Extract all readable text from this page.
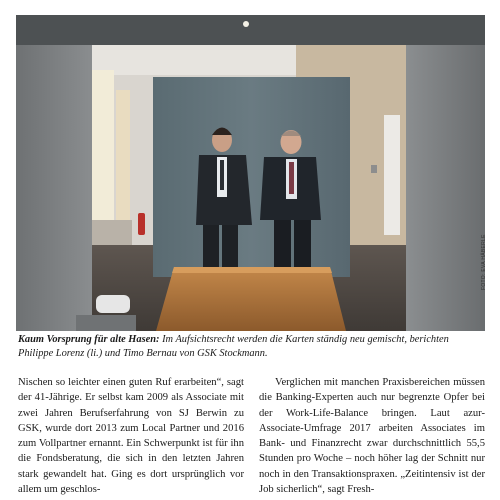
FOTO: EVA HÄBERLE
Kaum Vorsprung für alte Hasen: Im Aufsichtsrecht werden die Karten ständig neu gemischt, berichten Philippe Lorenz (li.) und Timo Bernau von GSK Stockmann.

Nischen so leichter einen guten Ruf erarbeiten“, sagt der 41-Jährige. Er selbst kam 2009 als Associate mit zwei Jahren Berufserfahrung von SJ Berwin zu GSK, wurde dort 2013 zum Local Partner und 2016 zum Vollpartner ernannt. Ein Schwerpunkt ist für ihn die Fondsberatung, die sich in den letzten Jahren stark gewandelt hat. Ging es dort ursprünglich vor allem um geschlos-

Verglichen mit manchen Praxisbereichen müssen die Banking-Experten auch nur begrenzte Opfer bei der Work-Life-Balance bringen. Laut azur-Associate-Umfrage 2017 arbeiten Associates im Bank- und Finanzrecht zwar durchschnittlich 55,5 Stunden pro Woche – noch höher lag der Schnitt nur noch in den Transaktionspraxen. „Zeitintensiv ist der Job sicherlich“, sagt Fresh-
